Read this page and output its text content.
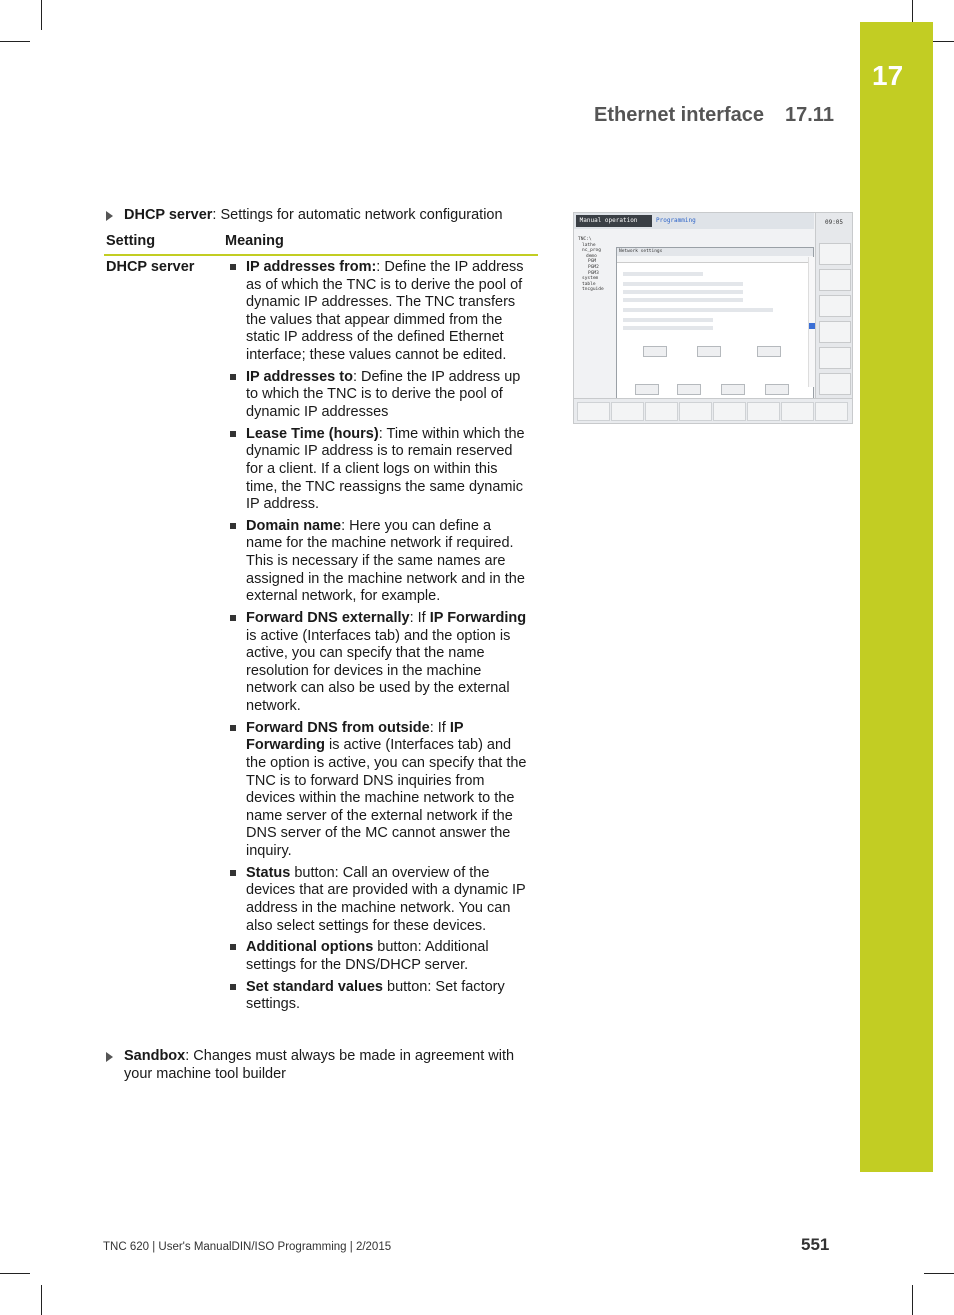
17
Ethernet interface 17.11
DHCP server: Settings for automatic network configuration
Setting	Meaning
DHCP server	IP addresses from:: Define the IP address as of which the TNC is to derive the pool of dynamic IP addresses. The TNC transfers the values that appear dimmed from the static IP address of the defined Ethernet interface; these values cannot be edited.
IP addresses to: Define the IP address up to which the TNC is to derive the pool of dynamic IP addresses
Lease Time (hours): Time within which the dynamic IP address is to remain reserved for a client. If a client logs on within this time, the TNC reassigns the same dynamic IP address.
Domain name: Here you can define a name for the machine network if required. This is necessary if the same names are assigned in the machine network and in the external network, for example.
Forward DNS externally: If IP Forwarding is active (Interfaces tab) and the option is active, you can specify that the name resolution for devices in the machine network can also be used by the external network.
Forward DNS from outside: If IP Forwarding is active (Interfaces tab) and the option is active, you can specify that the TNC is to forward DNS inquiries from devices within the machine network to the name server of the external network if the DNS server of the MC cannot answer the inquiry.
Status button: Call an overview of the devices that are provided with a dynamic IP address in the machine network. You can also select settings for these devices.
Additional options button: Additional settings for the DNS/DHCP server.
Set standard values button: Set factory settings.
Sandbox: Changes must always be made in agreement with your machine tool builder
Manual operation	Programming
TNC:\
lathe
nc_prog
demo
PGM
PGM2
PGM3
system
table
tncguide
Network settings
09:05
TNC 620 | User's ManualDIN/ISO Programming | 2/2015	551
